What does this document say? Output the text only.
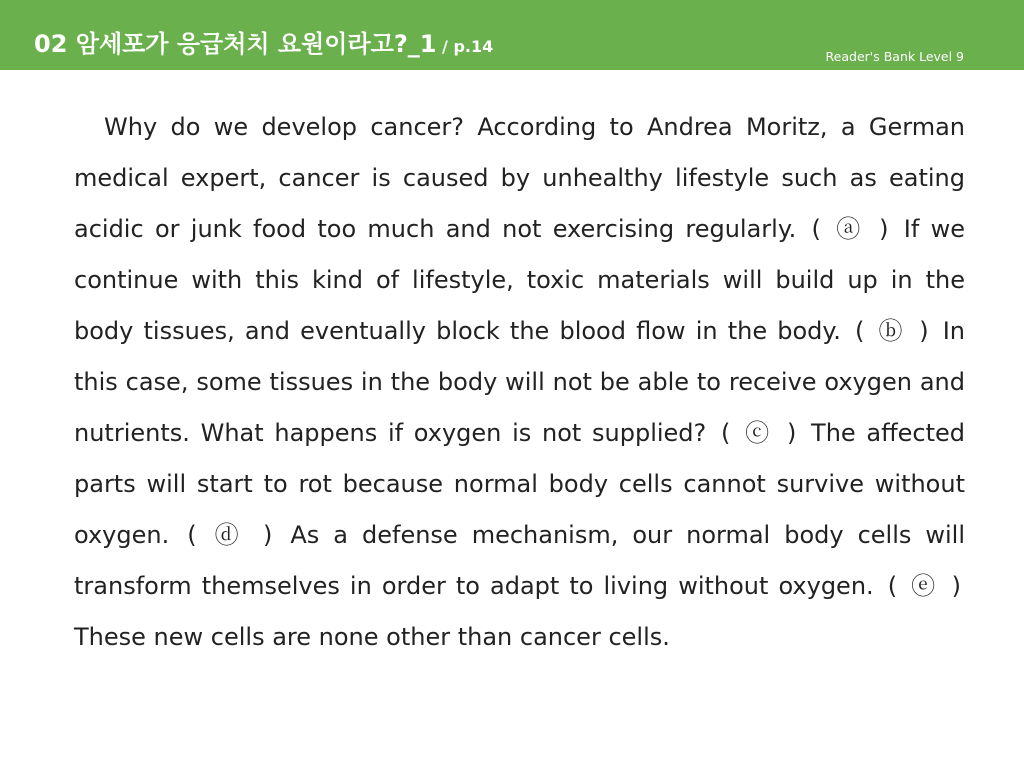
02 암세포가 응급처치 요원이라고?_1 / p.14
Reader's Bank Level 9

Why do we develop cancer? According to Andrea Moritz, a German medical expert, cancer is caused by unhealthy lifestyle such as eating acidic or junk food too much and not exercising regularly. ( ⓐ ) If we continue with this kind of lifestyle, toxic materials will build up in the body tissues, and eventually block the blood flow in the body. ( ⓑ ) In this case, some tissues in the body will not be able to receive oxygen and nutrients. What happens if oxygen is not supplied? ( ⓒ ) The affected parts will start to rot because normal body cells cannot survive without oxygen. ( ⓓ ) As a defense mechanism, our normal body cells will transform themselves in order to adapt to living without oxygen. ( ⓔ ) These new cells are none other than cancer cells.
